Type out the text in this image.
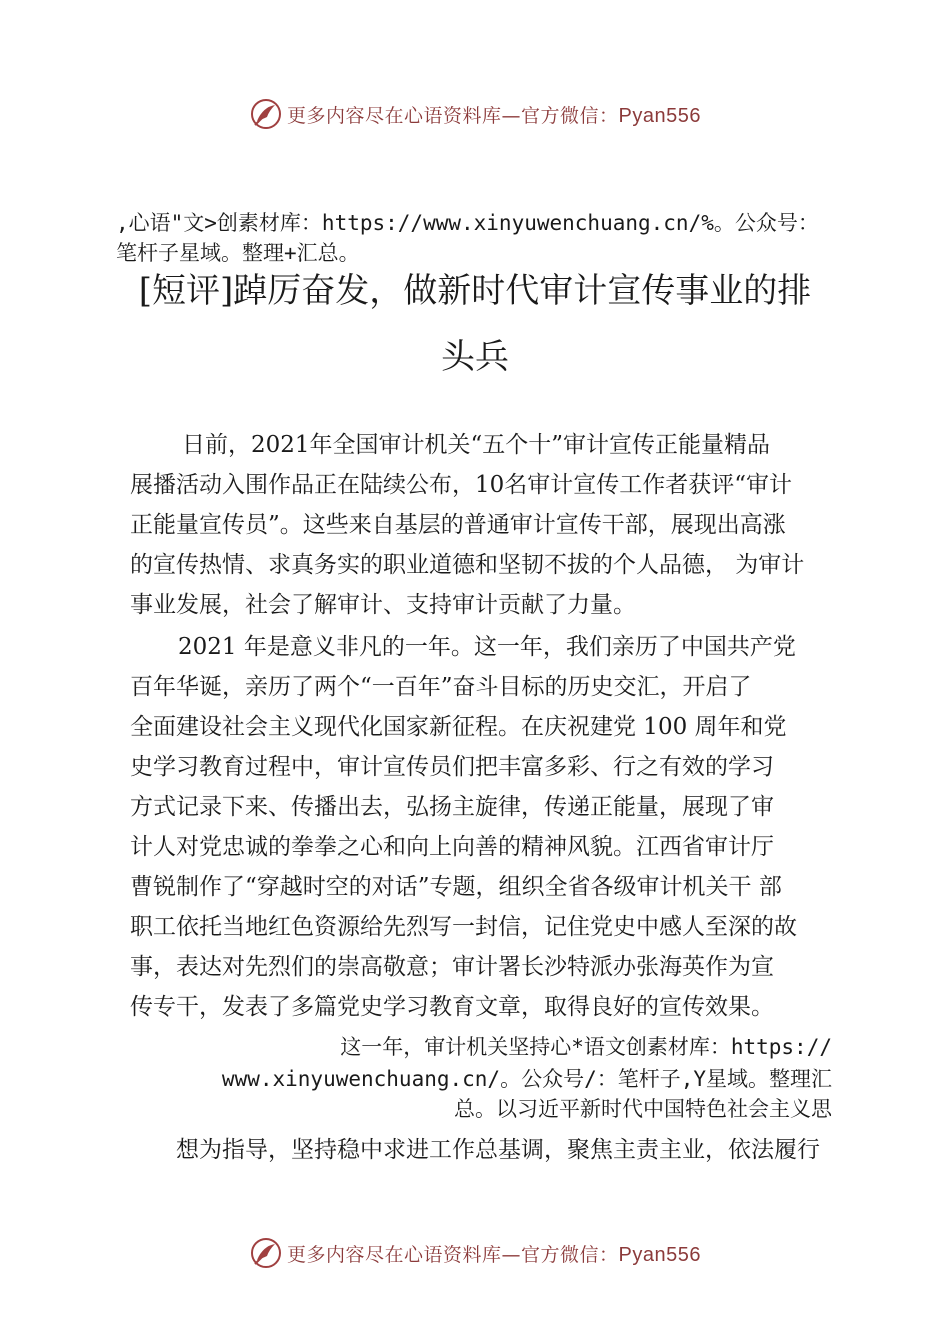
更多内容尽在心语资料库—官方微信：Pyan556
,心语"文>创素材库：https://www.xinyuwenchuang.cn/%。公众号：
笔杆子星域。整理+汇总。
[短评]踔厉奋发，做新时代审计宣传事业的排
头兵
日前，2021年全国审计机关“五个十”审计宣传正能量精品
展播活动入围作品正在陆续公布，10名审计宣传工作者获评“审计
正能量宣传员”。这些来自基层的普通审计宣传干部，展现出高涨
的宣传热情、求真务实的职业道德和坚韧不拔的个人品德， 为审计
事业发展，社会了解审计、支持审计贡献了力量。
2021 年是意义非凡的一年。这一年，我们亲历了中国共产党
百年华诞，亲历了两个“一百年”奋斗目标的历史交汇，开启了
全面建设社会主义现代化国家新征程。在庆祝建党 100 周年和党
史学习教育过程中，审计宣传员们把丰富多彩、行之有效的学习
方式记录下来、传播出去，弘扬主旋律，传递正能量，展现了审
计人对党忠诚的拳拳之心和向上向善的精神风貌。江西省审计厅
曹锐制作了“穿越时空的对话”专题，组织全省各级审计机关干 部
职工依托当地红色资源给先烈写一封信，记住党史中感人至深的故
事，表达对先烈们的崇高敬意；审计署长沙特派办张海英作为宣
传专干，发表了多篇党史学习教育文章，取得良好的宣传效果。
这一年，审计机关坚持心*语文创素材库：https://
www.xinyuwenchuang.cn/。公众号/：笔杆子,Y星域。整理汇
总。以习近平新时代中国特色社会主义思
想为指导，坚持稳中求进工作总基调，聚焦主责主业，依法履行
更多内容尽在心语资料库—官方微信：Pyan556
